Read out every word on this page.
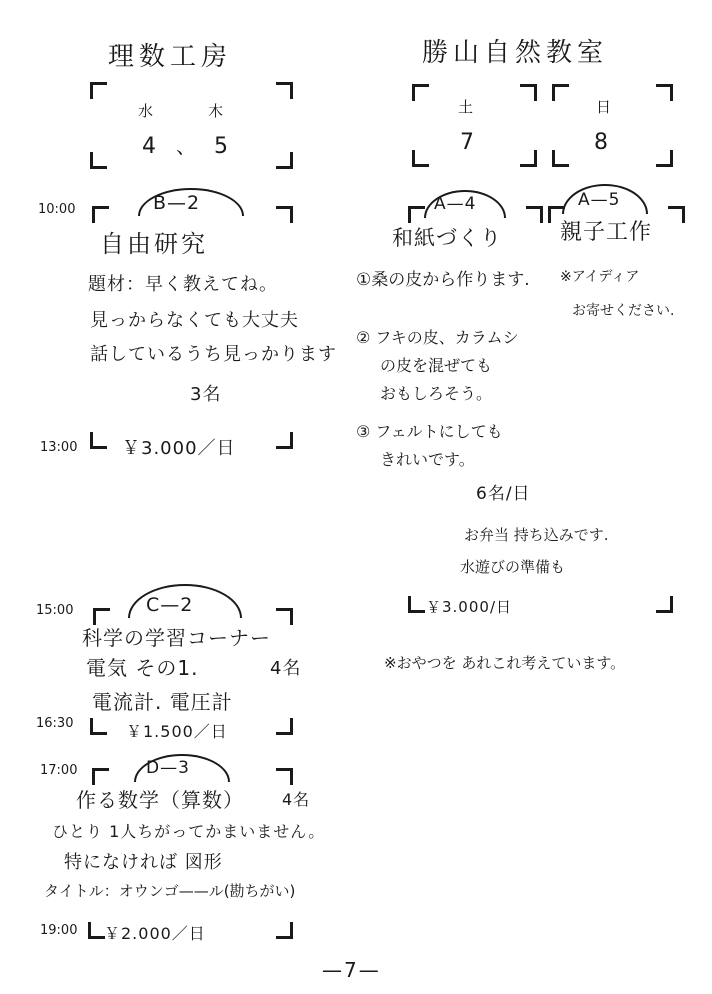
理数工房
水	木
4 、 5
10:00	B—2
自由研究
題材：早く教えてね。
見っからなくても大丈夫
話しているうち見っかります
3名
13:00 ￥3.000／日
15:00	C—2
科学の学習コーナー
電気 その1.	4名
電流計. 電圧計
16:30	￥1.500／日
17:00	D—3
作る数学（算数） 4名
ひとり 1人ちがってかまいません。
特になければ 図形
タイトル：オウンゴ——ル(勘ちがい)
19:00 ￥2.000／日
勝山自然教室
土
7
日
8
A—4	A—5
和紙づくり	親子工作
①桑の皮から作ります. ※アイディア
お寄せください.
② フキの皮、カラムシ
の皮を混ぜても
おもしろそう。
③ フェルトにしても
きれいです。
6名/日
お弁当 持ち込みです.
水遊びの準備も
￥3.000/日
※おやつを あれこれ考えています。
—7—
